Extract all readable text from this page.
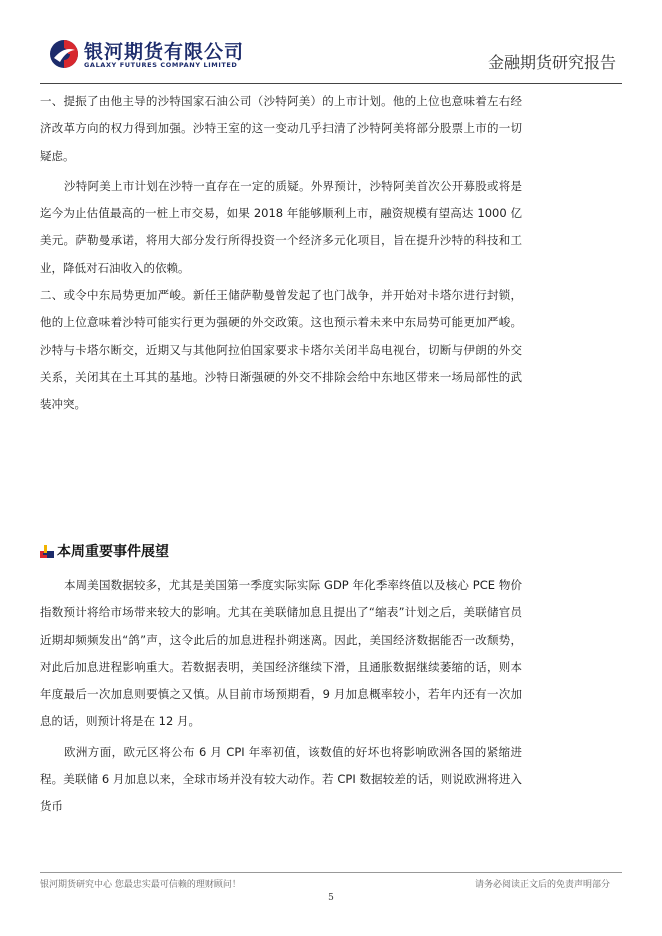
银河期货有限公司
GALAXY FUTURES COMPANY LIMITED	金融期货研究报告

一、提振了由他主导的沙特国家石油公司（沙特阿美）的上市计划。他的上位也意味着左右经济改革方向的权力得到加强。沙特王室的这一变动几乎扫清了沙特阿美将部分股票上市的一切疑虑。

沙特阿美上市计划在沙特一直存在一定的质疑。外界预计，沙特阿美首次公开募股或将是迄今为止估值最高的一桩上市交易，如果 2018 年能够顺利上市，融资规模有望高达 1000 亿美元。萨勒曼承诺，将用大部分发行所得投资一个经济多元化项目，旨在提升沙特的科技和工业，降低对石油收入的依赖。

二、或令中东局势更加严峻。新任王储萨勒曼曾发起了也门战争，并开始对卡塔尔进行封锁，他的上位意味着沙特可能实行更为强硬的外交政策。这也预示着未来中东局势可能更加严峻。沙特与卡塔尔断交，近期又与其他阿拉伯国家要求卡塔尔关闭半岛电视台，切断与伊朗的外交关系，关闭其在土耳其的基地。沙特日渐强硬的外交不排除会给中东地区带来一场局部性的武装冲突。

本周重要事件展望

本周美国数据较多，尤其是美国第一季度实际实际 GDP 年化季率终值以及核心 PCE 物价指数预计将给市场带来较大的影响。尤其在美联储加息且提出了“缩表”计划之后，美联储官员近期却频频发出“鸽”声，这令此后的加息进程扑朔迷离。因此，美国经济数据能否一改颓势，对此后加息进程影响重大。若数据表明，美国经济继续下滑，且通胀数据继续萎缩的话，则本年度最后一次加息则要慎之又慎。从目前市场预期看，9 月加息概率较小，若年内还有一次加息的话，则预计将是在 12 月。

欧洲方面，欧元区将公布 6 月 CPI 年率初值，该数值的好坏也将影响欧洲各国的紧缩进程。美联储 6 月加息以来，全球市场并没有较大动作。若 CPI 数据较差的话，则说欧洲将进入货币

银河期货研究中心 您最忠实最可信赖的理财顾问！	请务必阅读正文后的免责声明部分
5
